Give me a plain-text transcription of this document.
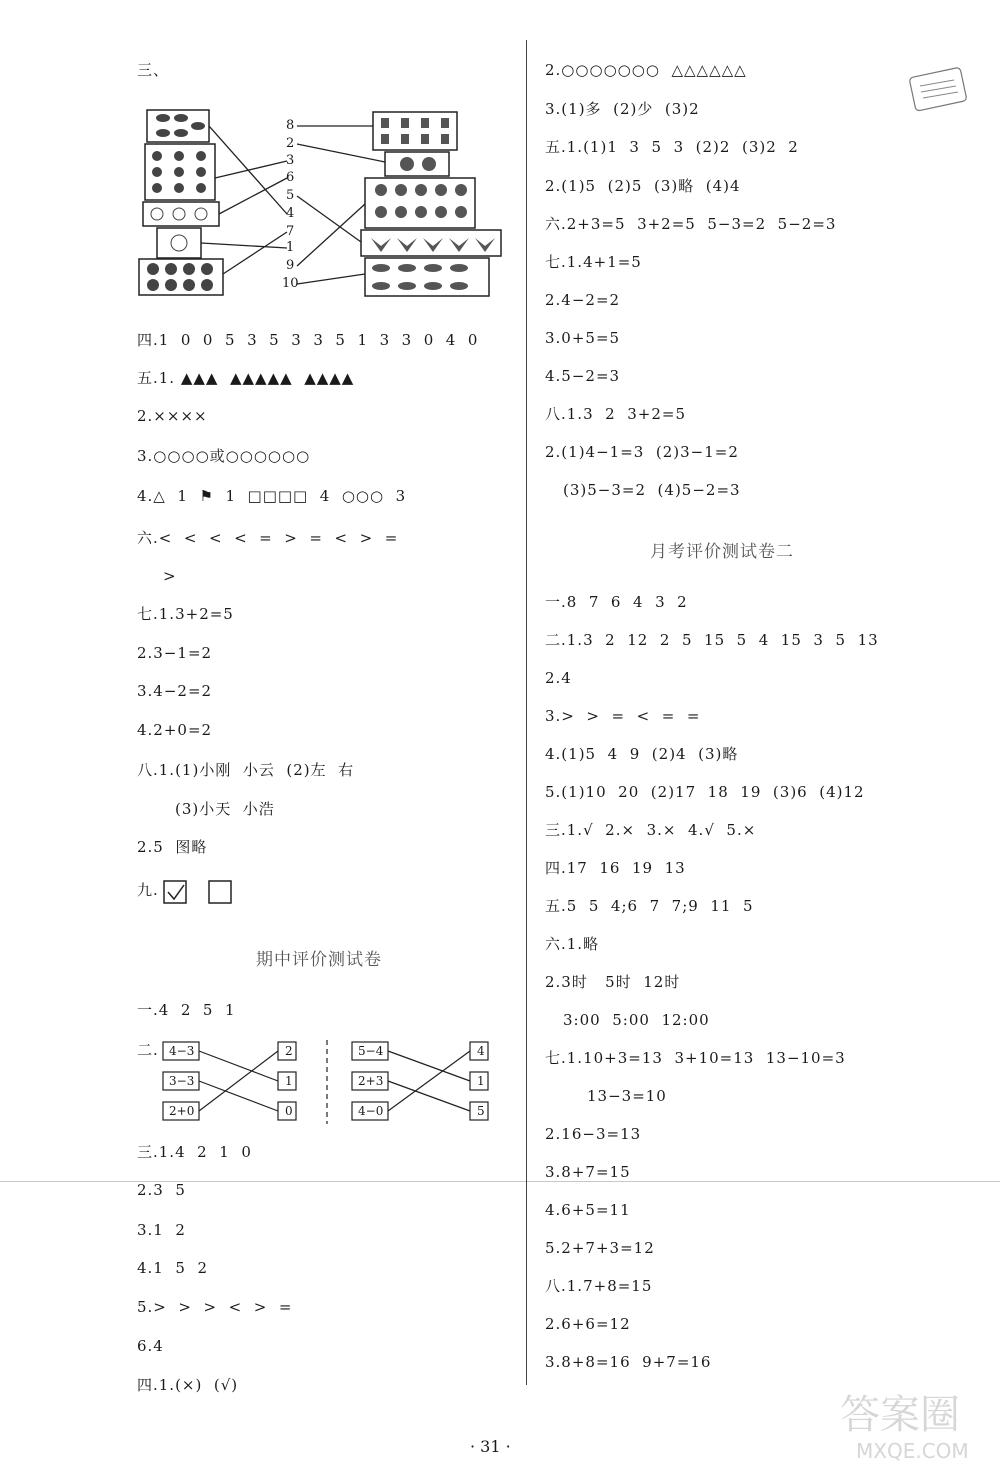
三、
四.1  0  0  5  3  5  3  3  5  1  3  3  0  4  0
五.1. ▲▲▲  ▲▲▲▲▲  ▲▲▲▲
2.××××
3.○○○○或○○○○○○
4.△  1  ⚑  1  □□□□  4  ○○○  3
六.<  <  <  <  =  >  =  <  >  =
>
七.1.3+2=5
2.3−1=2
3.4−2=2
4.2+0=2
八.1.(1)小刚  小云  (2)左  右
(3)小天  小浩
2.5  图略
九.
一.4  2  5  1
二.
三.1.4  2  1  0
2.3  5
3.1  2
4.1  5  2
5.>  >  >  <  >  =
6.4
四.1.(×)  (√)
2.○○○○○○○  △△△△△△
3.(1)多  (2)少  (3)2
五.1.(1)1  3  5  3  (2)2  (3)2  2
2.(1)5  (2)5  (3)略  (4)4
六.2+3=5  3+2=5  5−3=2  5−2=3
七.1.4+1=5
2.4−2=2
3.0+5=5
4.5−2=3
八.1.3  2  3+2=5
2.(1)4−1=3  (2)3−1=2
(3)5−3=2  (4)5−2=3
一.8  7  6  4  3  2
二.1.3  2  12  2  5  15  5  4  15  3  5  13
2.4
3.>  >  =  <  =  =
4.(1)5  4  9  (2)4  (3)略
5.(1)10  20  (2)17  18  19  (3)6  (4)12
三.1.√  2.×  3.×  4.√  5.×
四.17  16  19  13
五.5  5  4;6  7  7;9  11  5
六.1.略
2.3时   5时  12时
3:00  5:00  12:00
七.1.10+3=13  3+10=13  13−10=3
13−3=10
2.16−3=13
3.8+7=15
4.6+5=11
5.2+7+3=12
八.1.7+8=15
2.6+6=12
3.8+8=16  9+7=16
8
2
3
6
5
4
7
1
9
10
4−3
3−3
2+0
2
1
0
5−4
2+3
4−0
4
1
5
期中评价测试卷
月考评价测试卷二
· 31 ·
答案圈
MXQE.COM
